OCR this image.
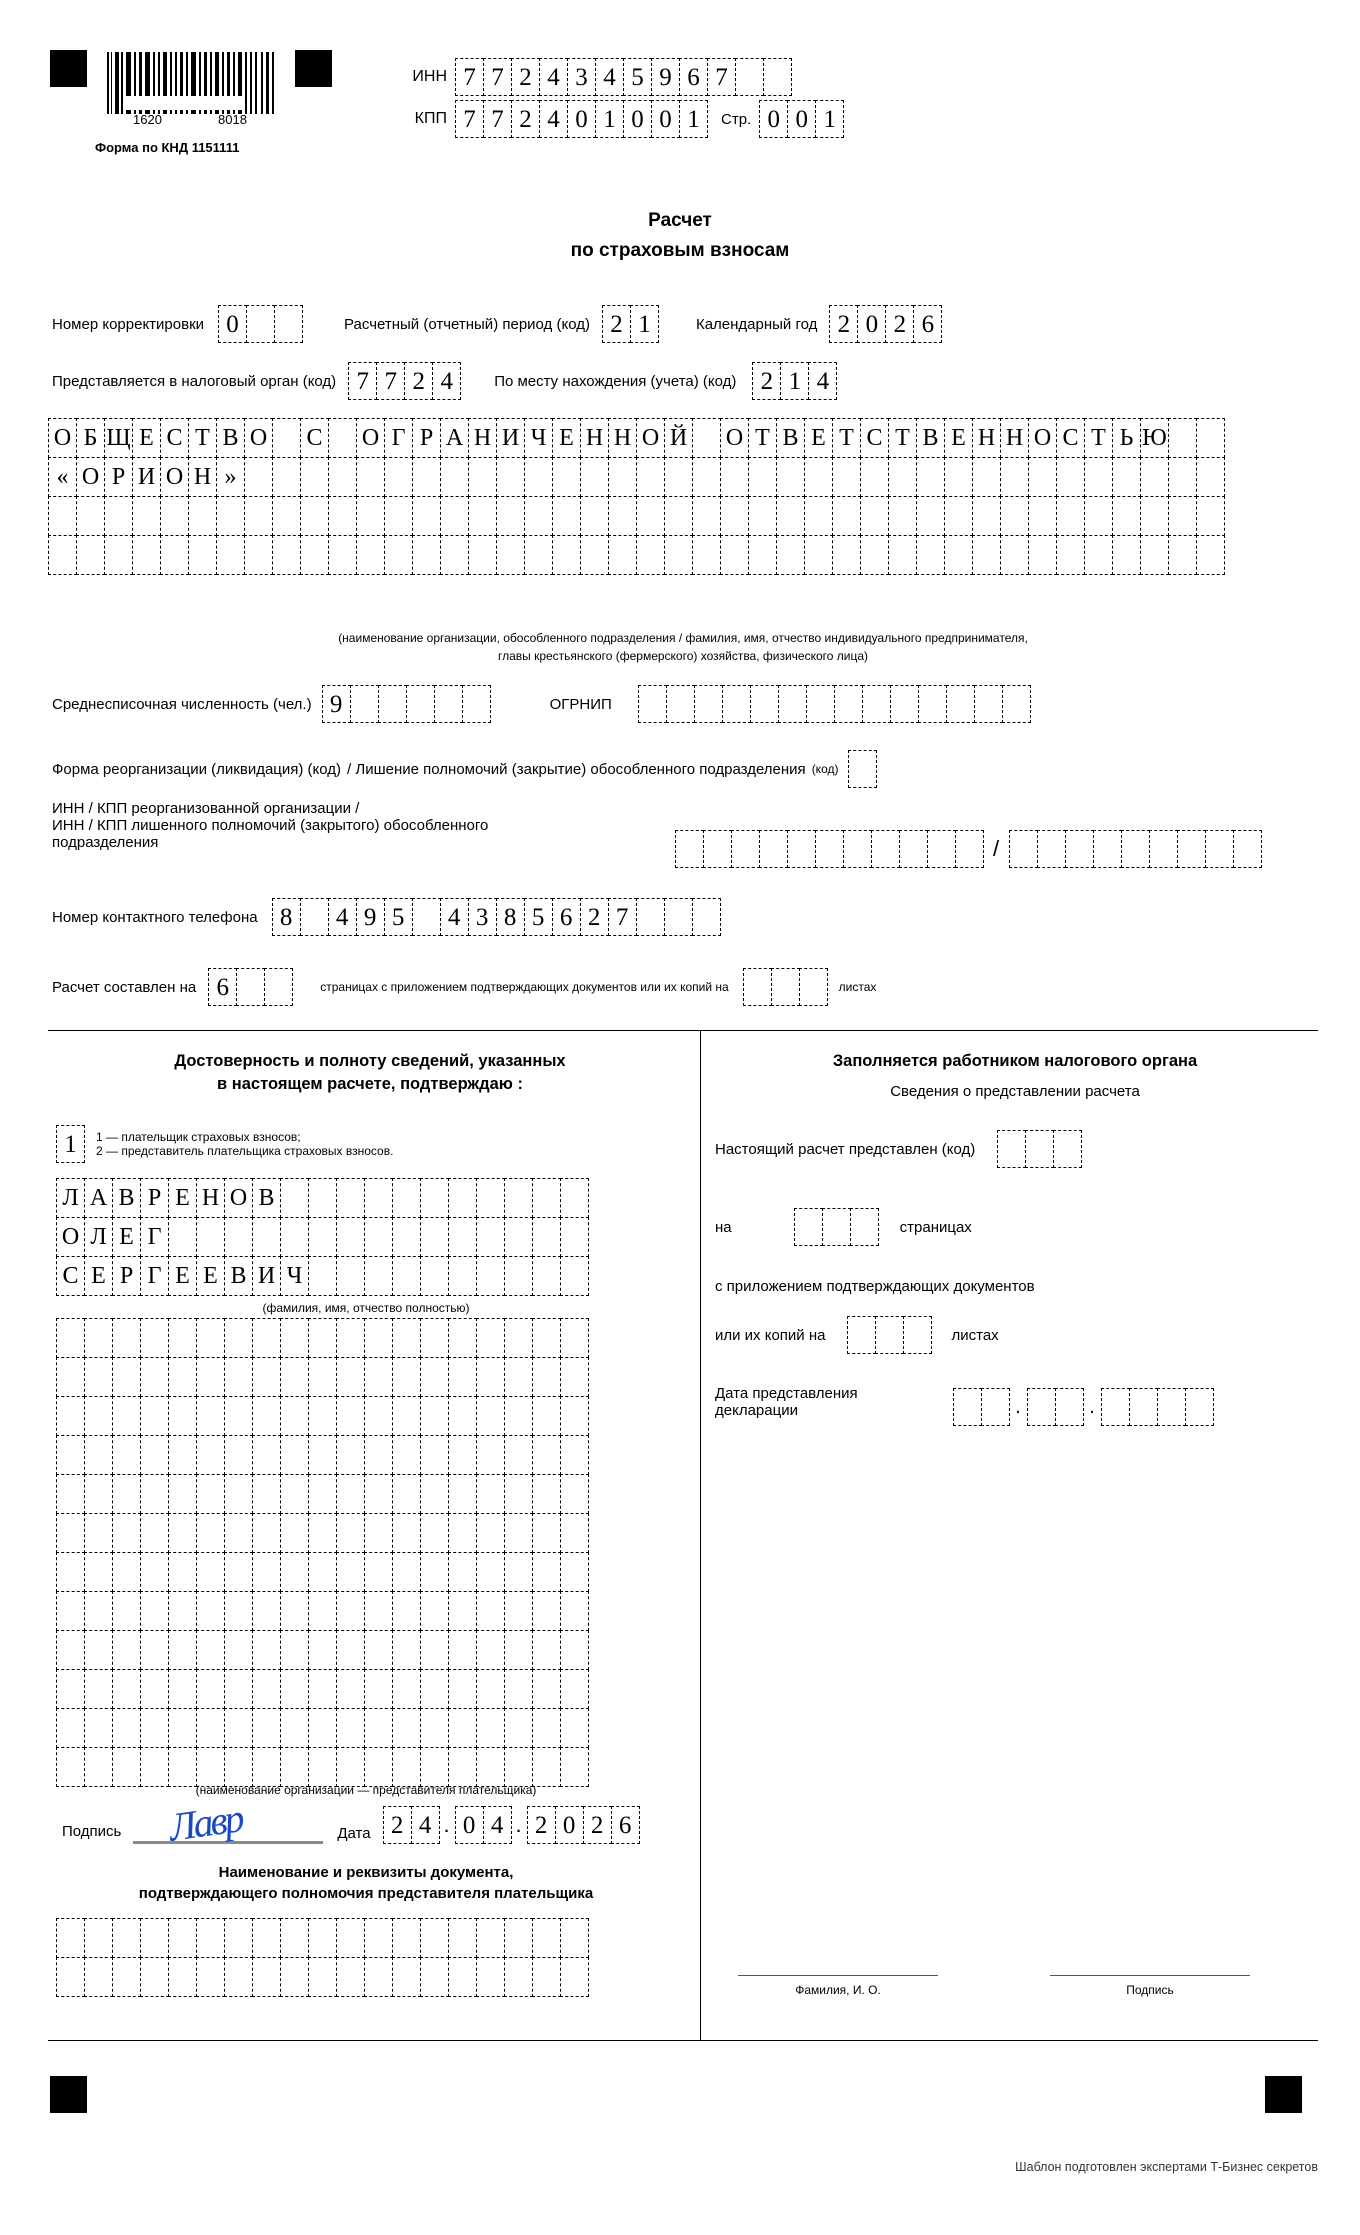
1620	8018
Форма по КНД 1151111
ИНН 7 7 2 4 3 4 5 9 6 7
КПП 7 7 2 4 0 1 0 0 1	Стр. 0 0 1
Расчет
по страховым взносам
Номер корректировки 0	Расчетный (отчетный) период (код) 2 1	Календарный год 2 0 2 6
Представляется в налоговый орган (код) 7 7 2 4	По месту нахождения (учета) (код) 2 1 4
О Б Щ Е С Т В О С О Г Р А Н И Ч Е Н Н О Й О Т В Е Т С Т В Е Н Н О С Т Ь Ю
« О Р И О Н »
(наименование организации, обособленного подразделения / фамилия, имя, отчество индивидуального предпринимателя,
главы крестьянского (фермерского) хозяйства, физического лица)
Среднесписочная численность (чел.) 9	ОГРНИП
Форма реорганизации (ликвидация) (код) / Лишение полномочий (закрытие) обособленного подразделения (код)
ИНН / КПП реорганизованной организации /
ИНН / КПП лишенного полномочий (закрытого) обособленного
подразделения	/
Номер контактного телефона 8	4 9 5	4 3 8 5 6 2 7
Расчет составлен на 6	страницах с приложением подтверждающих документов или их копий на	листах
Достоверность и полноту сведений, указанных
в настоящем расчете, подтверждаю :
1	1 — плательщик страховых взносов;
2 — представитель плательщика страховых взносов.
Л А В Р Е Н О В
О Л Е Г
С Е Р Г Е Е В И Ч
(фамилия, имя, отчество полностью)
(наименование организации — представителя плательщика)
Подпись Лавр	Дата 2 4 . 0 4 . 2 0 2 6
Наименование и реквизиты документа,
подтверждающего полномочия представителя плательщика
Заполняется работником налогового органа
Сведения о представлении расчета
Настоящий расчет представлен (код)
на	страницах
с приложением подтверждающих документов
или их копий на	листах
Дата представления
декларации	.	.
Фамилия, И. О.	Подпись
Шаблон подготовлен экспертами Т-Бизнес секретов
